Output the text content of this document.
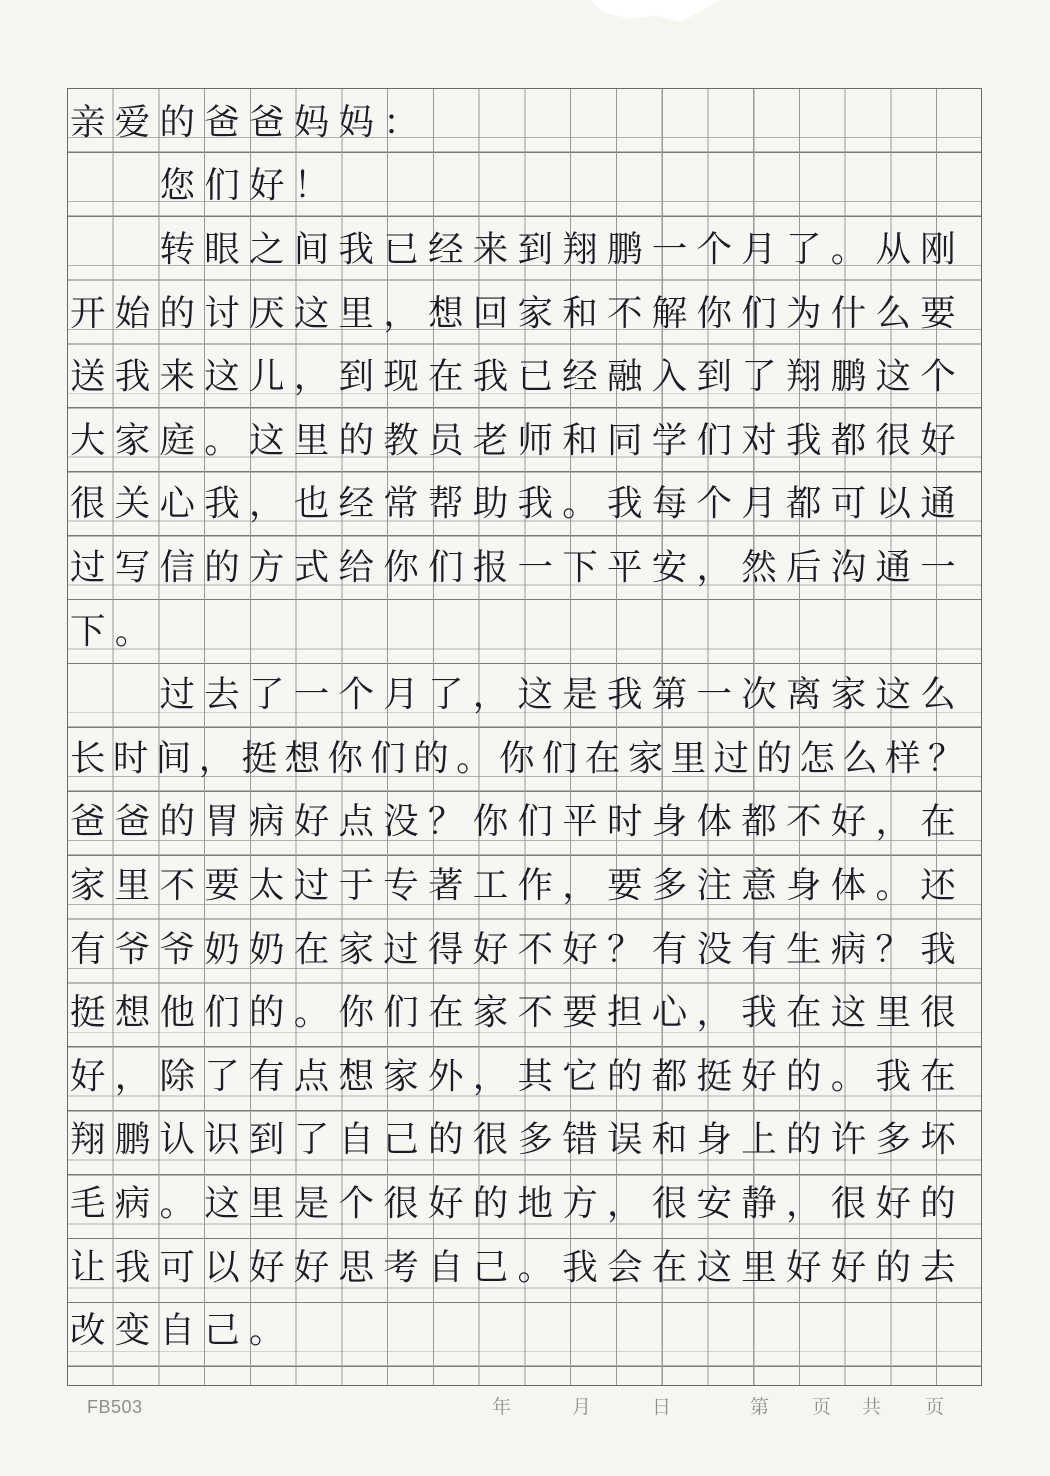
亲爱的爸爸妈妈：
　　您们好！
　　转眼之间我已经来到翔鹏一个月了。从刚
开始的讨厌这里，想回家和不解你们为什么要
送我来这儿，到现在我已经融入到了翔鹏这个
大家庭。这里的教员老师和同学们对我都很好
很关心我，也经常帮助我。我每个月都可以通
过写信的方式给你们报一下平安，然后沟通一
下。
　　过去了一个月了，这是我第一次离家这么
长时间，挺想你们的。你们在家里过的怎么样？
爸爸的胃病好点没？你们平时身体都不好，在
家里不要太过于专著工作，要多注意身体。还
有爷爷奶奶在家过得好不好？有没有生病？我
挺想他们的。你们在家不要担心，我在这里很
好，除了有点想家外，其它的都挺好的。我在
翔鹏认识到了自己的很多错误和身上的许多坏
毛病。这里是个很好的地方，很安静，很好的
让我可以好好思考自己。我会在这里好好的去
改变自己。
FB503	年	月	日	第 页 共 页
